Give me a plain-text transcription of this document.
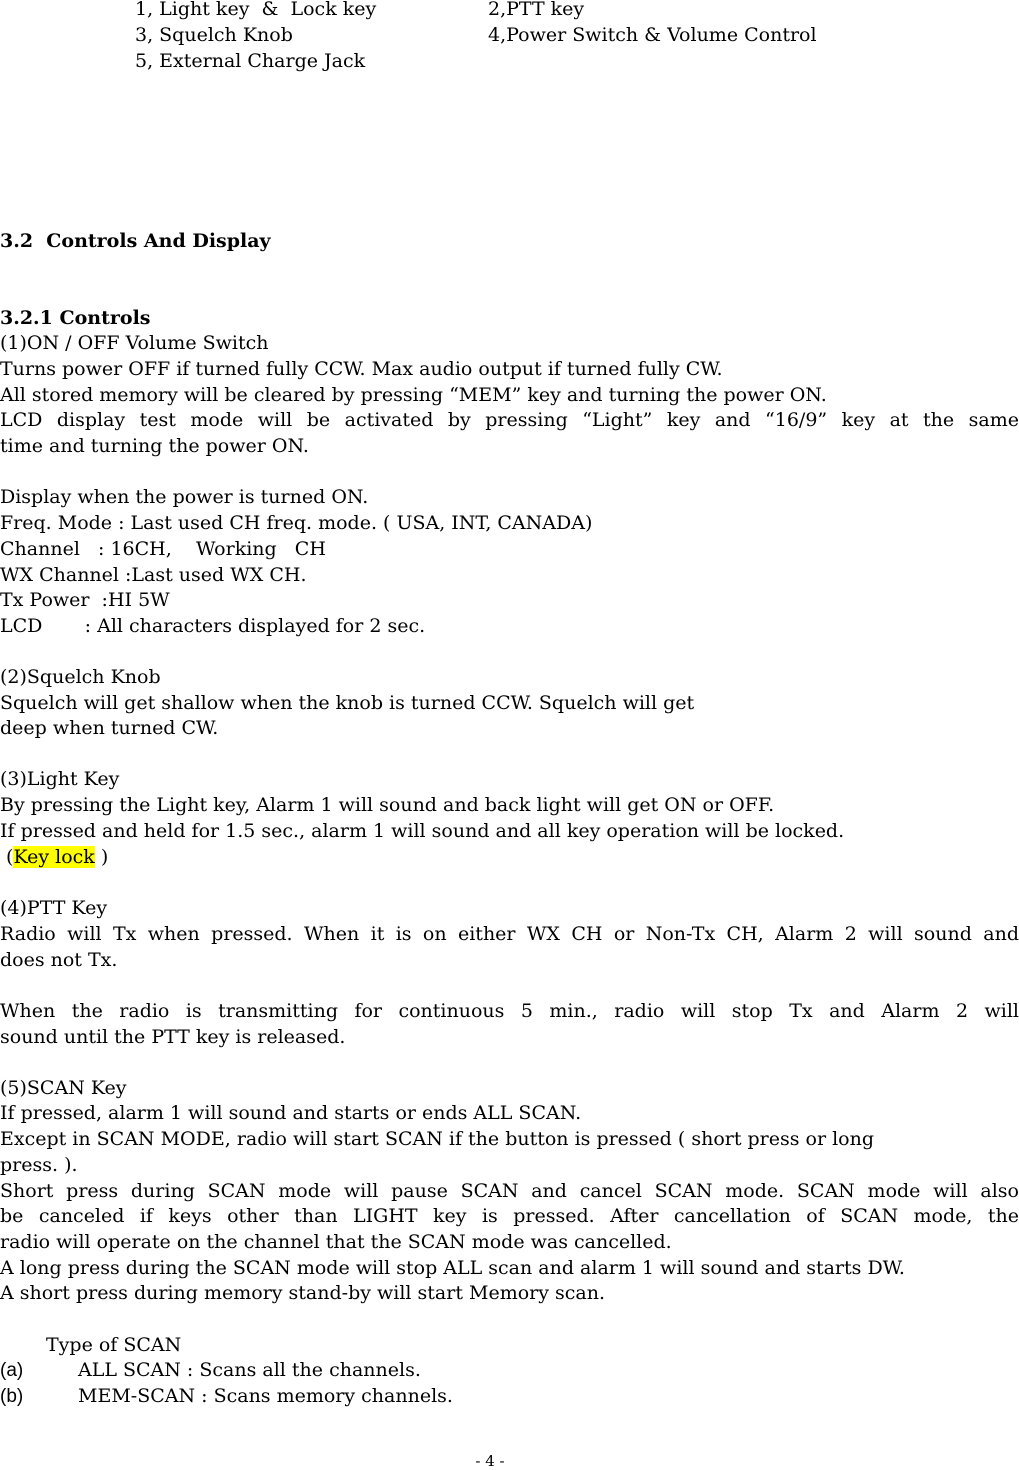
1, Light key  &  Lock key	2,PTT key
3, Squelch Knob	4,Power Switch & Volume Control
5, External Charge Jack
3.2  Controls And Display
3.2.1 Controls
(1)ON / OFF Volume Switch
Turns power OFF if turned fully CCW. Max audio output if turned fully CW.
All stored memory will be cleared by pressing “MEM” key and turning the power ON.
LCD display test mode will be activated by pressing “Light” key and “16/9” key at the same
time and turning the power ON.
Display when the power is turned ON.
Freq. Mode : Last used CH freq. mode. ( USA, INT, CANADA)
Channel   : 16CH,    Working   CH
WX Channel :Last used WX CH.
Tx Power  :HI 5W
LCD       : All characters displayed for 2 sec.
(2)Squelch Knob
Squelch will get shallow when the knob is turned CCW. Squelch will get
deep when turned CW.
(3)Light Key
By pressing the Light key, Alarm 1 will sound and back light will get ON or OFF.
If pressed and held for 1.5 sec., alarm 1 will sound and all key operation will be locked.
(Key lock )
(4)PTT Key
Radio will Tx when pressed. When it is on either WX CH or Non-Tx CH, Alarm 2 will sound and
does not Tx.
When the radio is transmitting for continuous 5 min., radio will stop Tx and Alarm 2 will
sound until the PTT key is released.
(5)SCAN Key
If pressed, alarm 1 will sound and starts or ends ALL SCAN.
Except in SCAN MODE, radio will start SCAN if the button is pressed ( short press or long
press. ).
Short press during SCAN mode will pause SCAN and cancel SCAN mode. SCAN mode will also
be canceled if keys other than LIGHT key is pressed. After cancellation of SCAN mode, the
radio will operate on the channel that the SCAN mode was cancelled.
A long press during the SCAN mode will stop ALL scan and alarm 1 will sound and starts DW.
A short press during memory stand-by will start Memory scan.
Type of SCAN
(a)	ALL SCAN : Scans all the channels.
(b)	MEM-SCAN : Scans memory channels.
- 4 -
